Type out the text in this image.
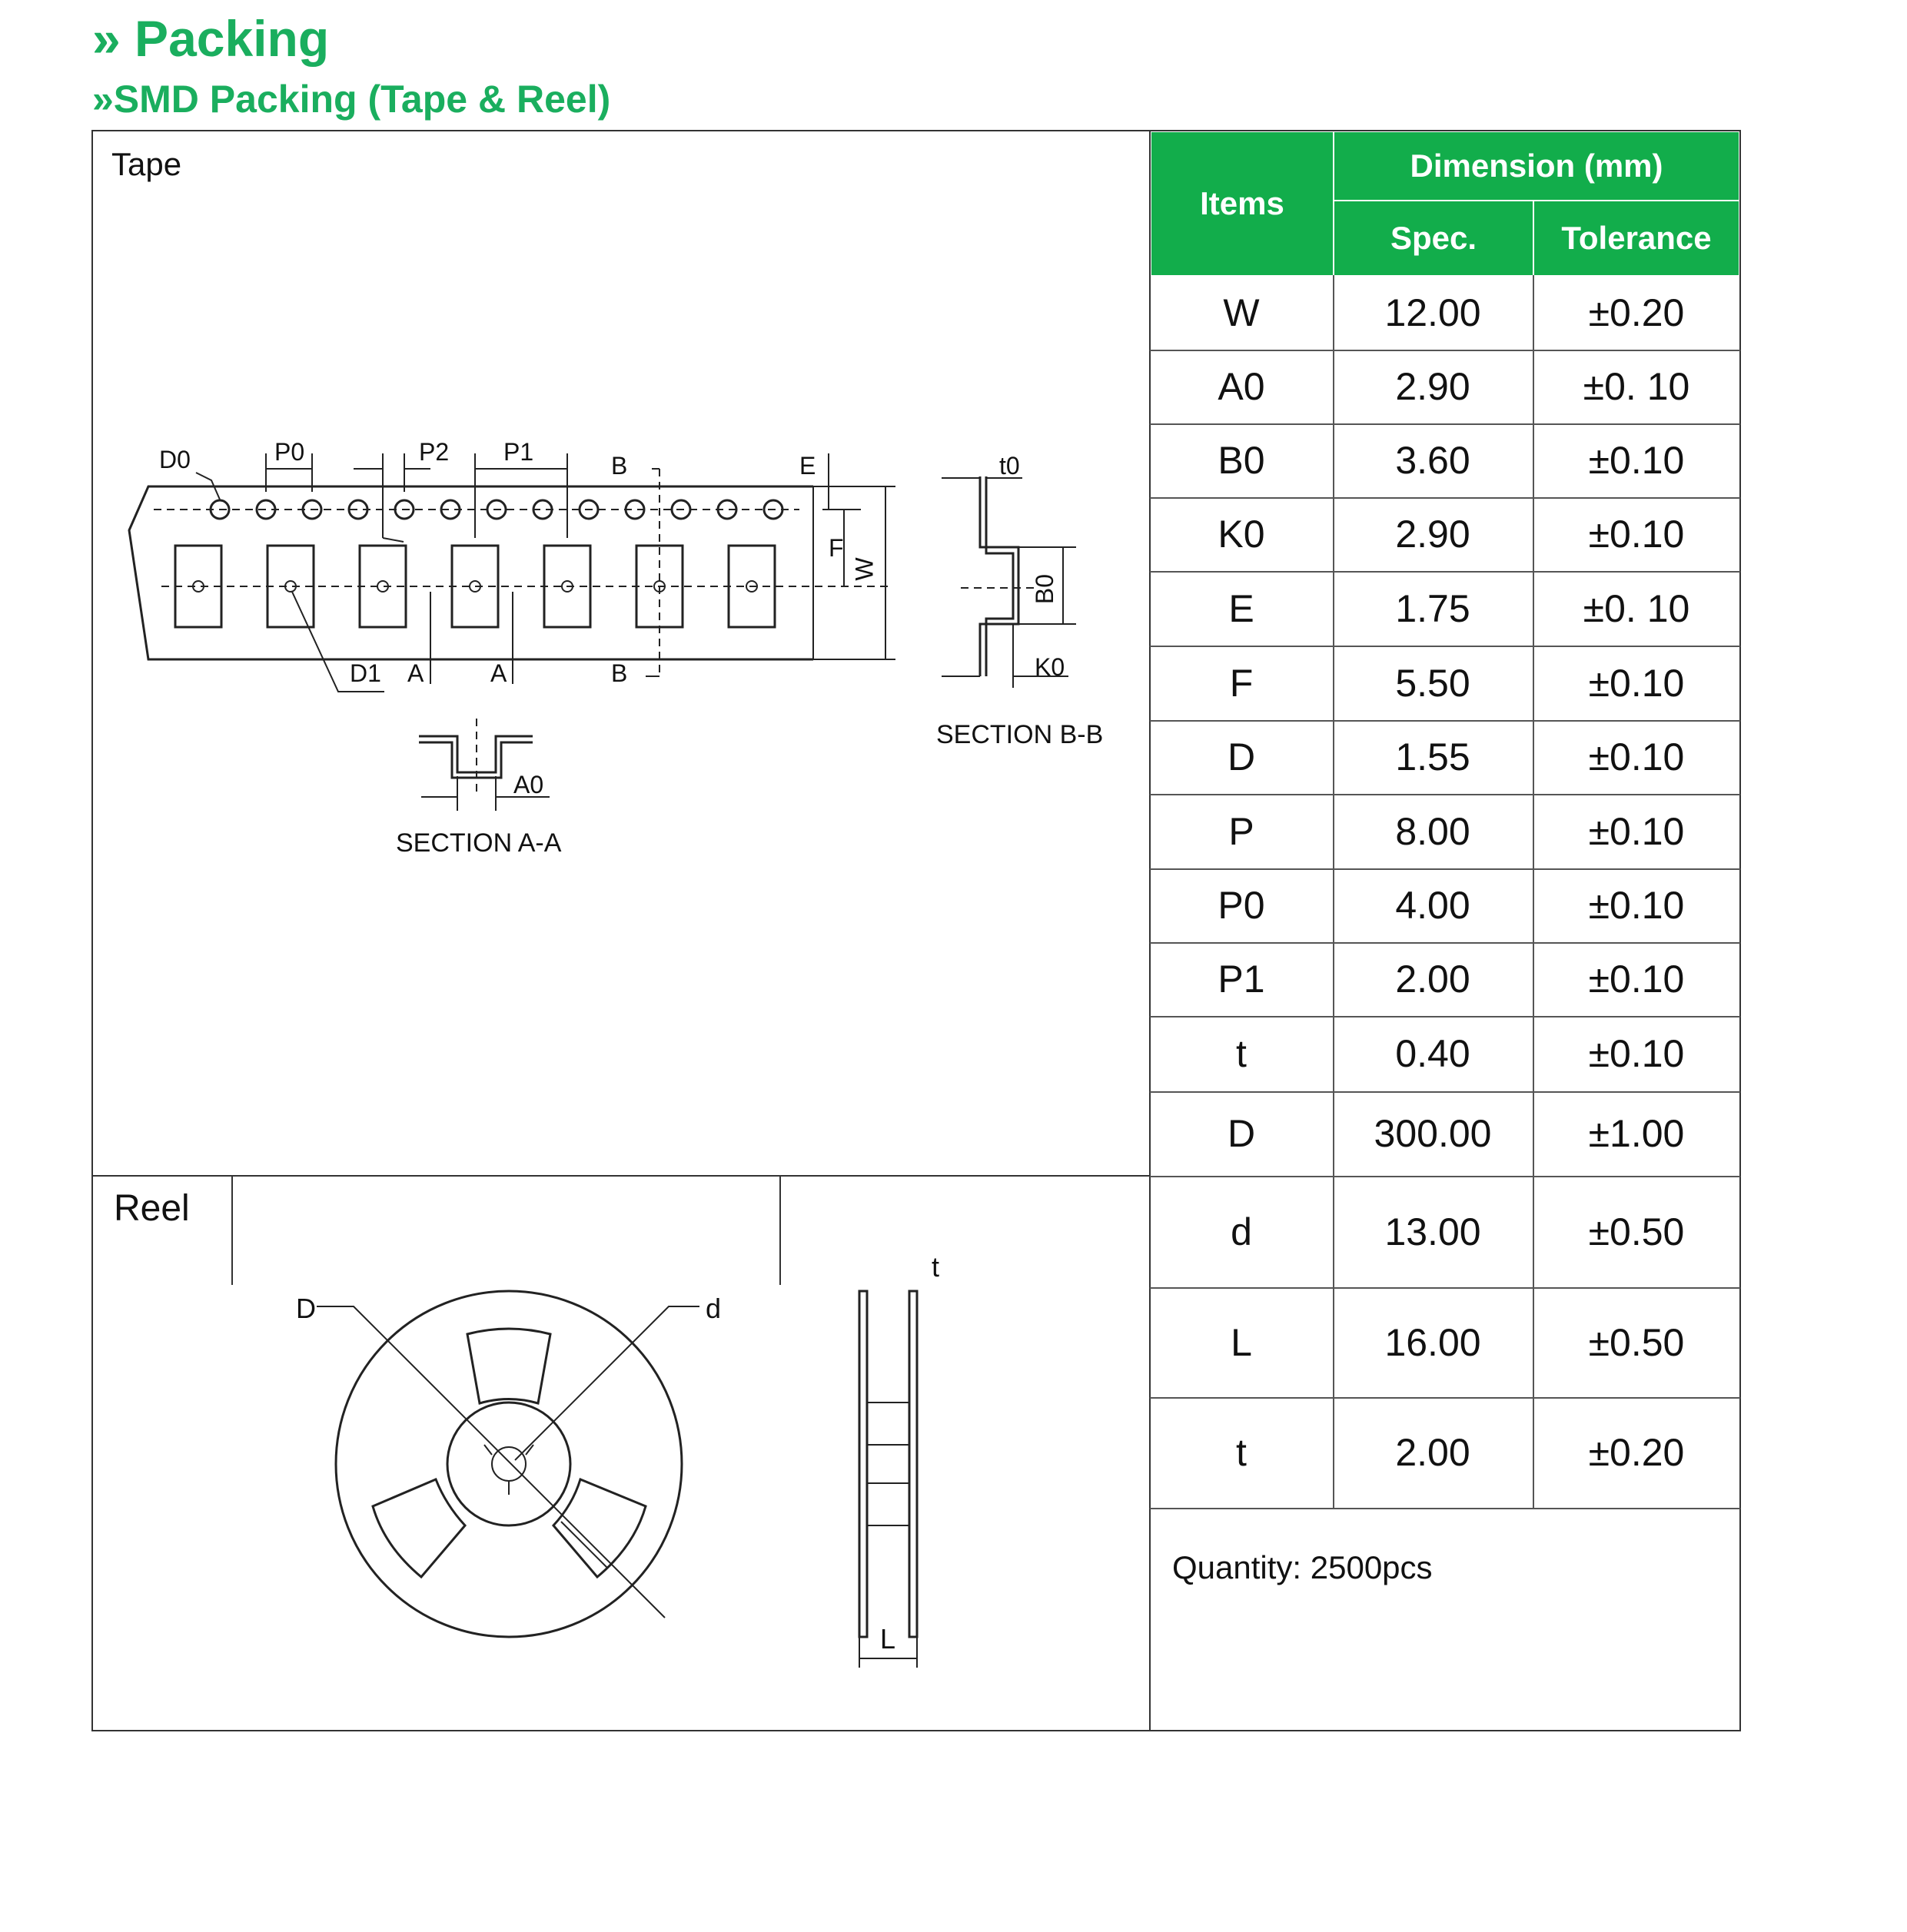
» Packing
»SMD Packing (Tape & Reel)
Tape
Reel
D0	P0	P2 P1	B	E
F
W
D1 A	A	B
t0
B0
K0
A0
SECTION A-A
SECTION B-B
D	d
t
L
Items
Dimension (mm)
Spec.	Tolerance
W	12.00	±0.20
A0	2.90	±0. 10
B0	3.60	±0.10
K0	2.90	±0.10
E	1.75	±0. 10
F	5.50	±0.10
D	1.55	±0.10
P	8.00	±0.10
P0	4.00	±0.10
P1	2.00	±0.10
t	0.40	±0.10
D	300.00	±1.00
d	13.00	±0.50
L	16.00	±0.50
t	2.00	±0.20
Quantity: 2500pcs
